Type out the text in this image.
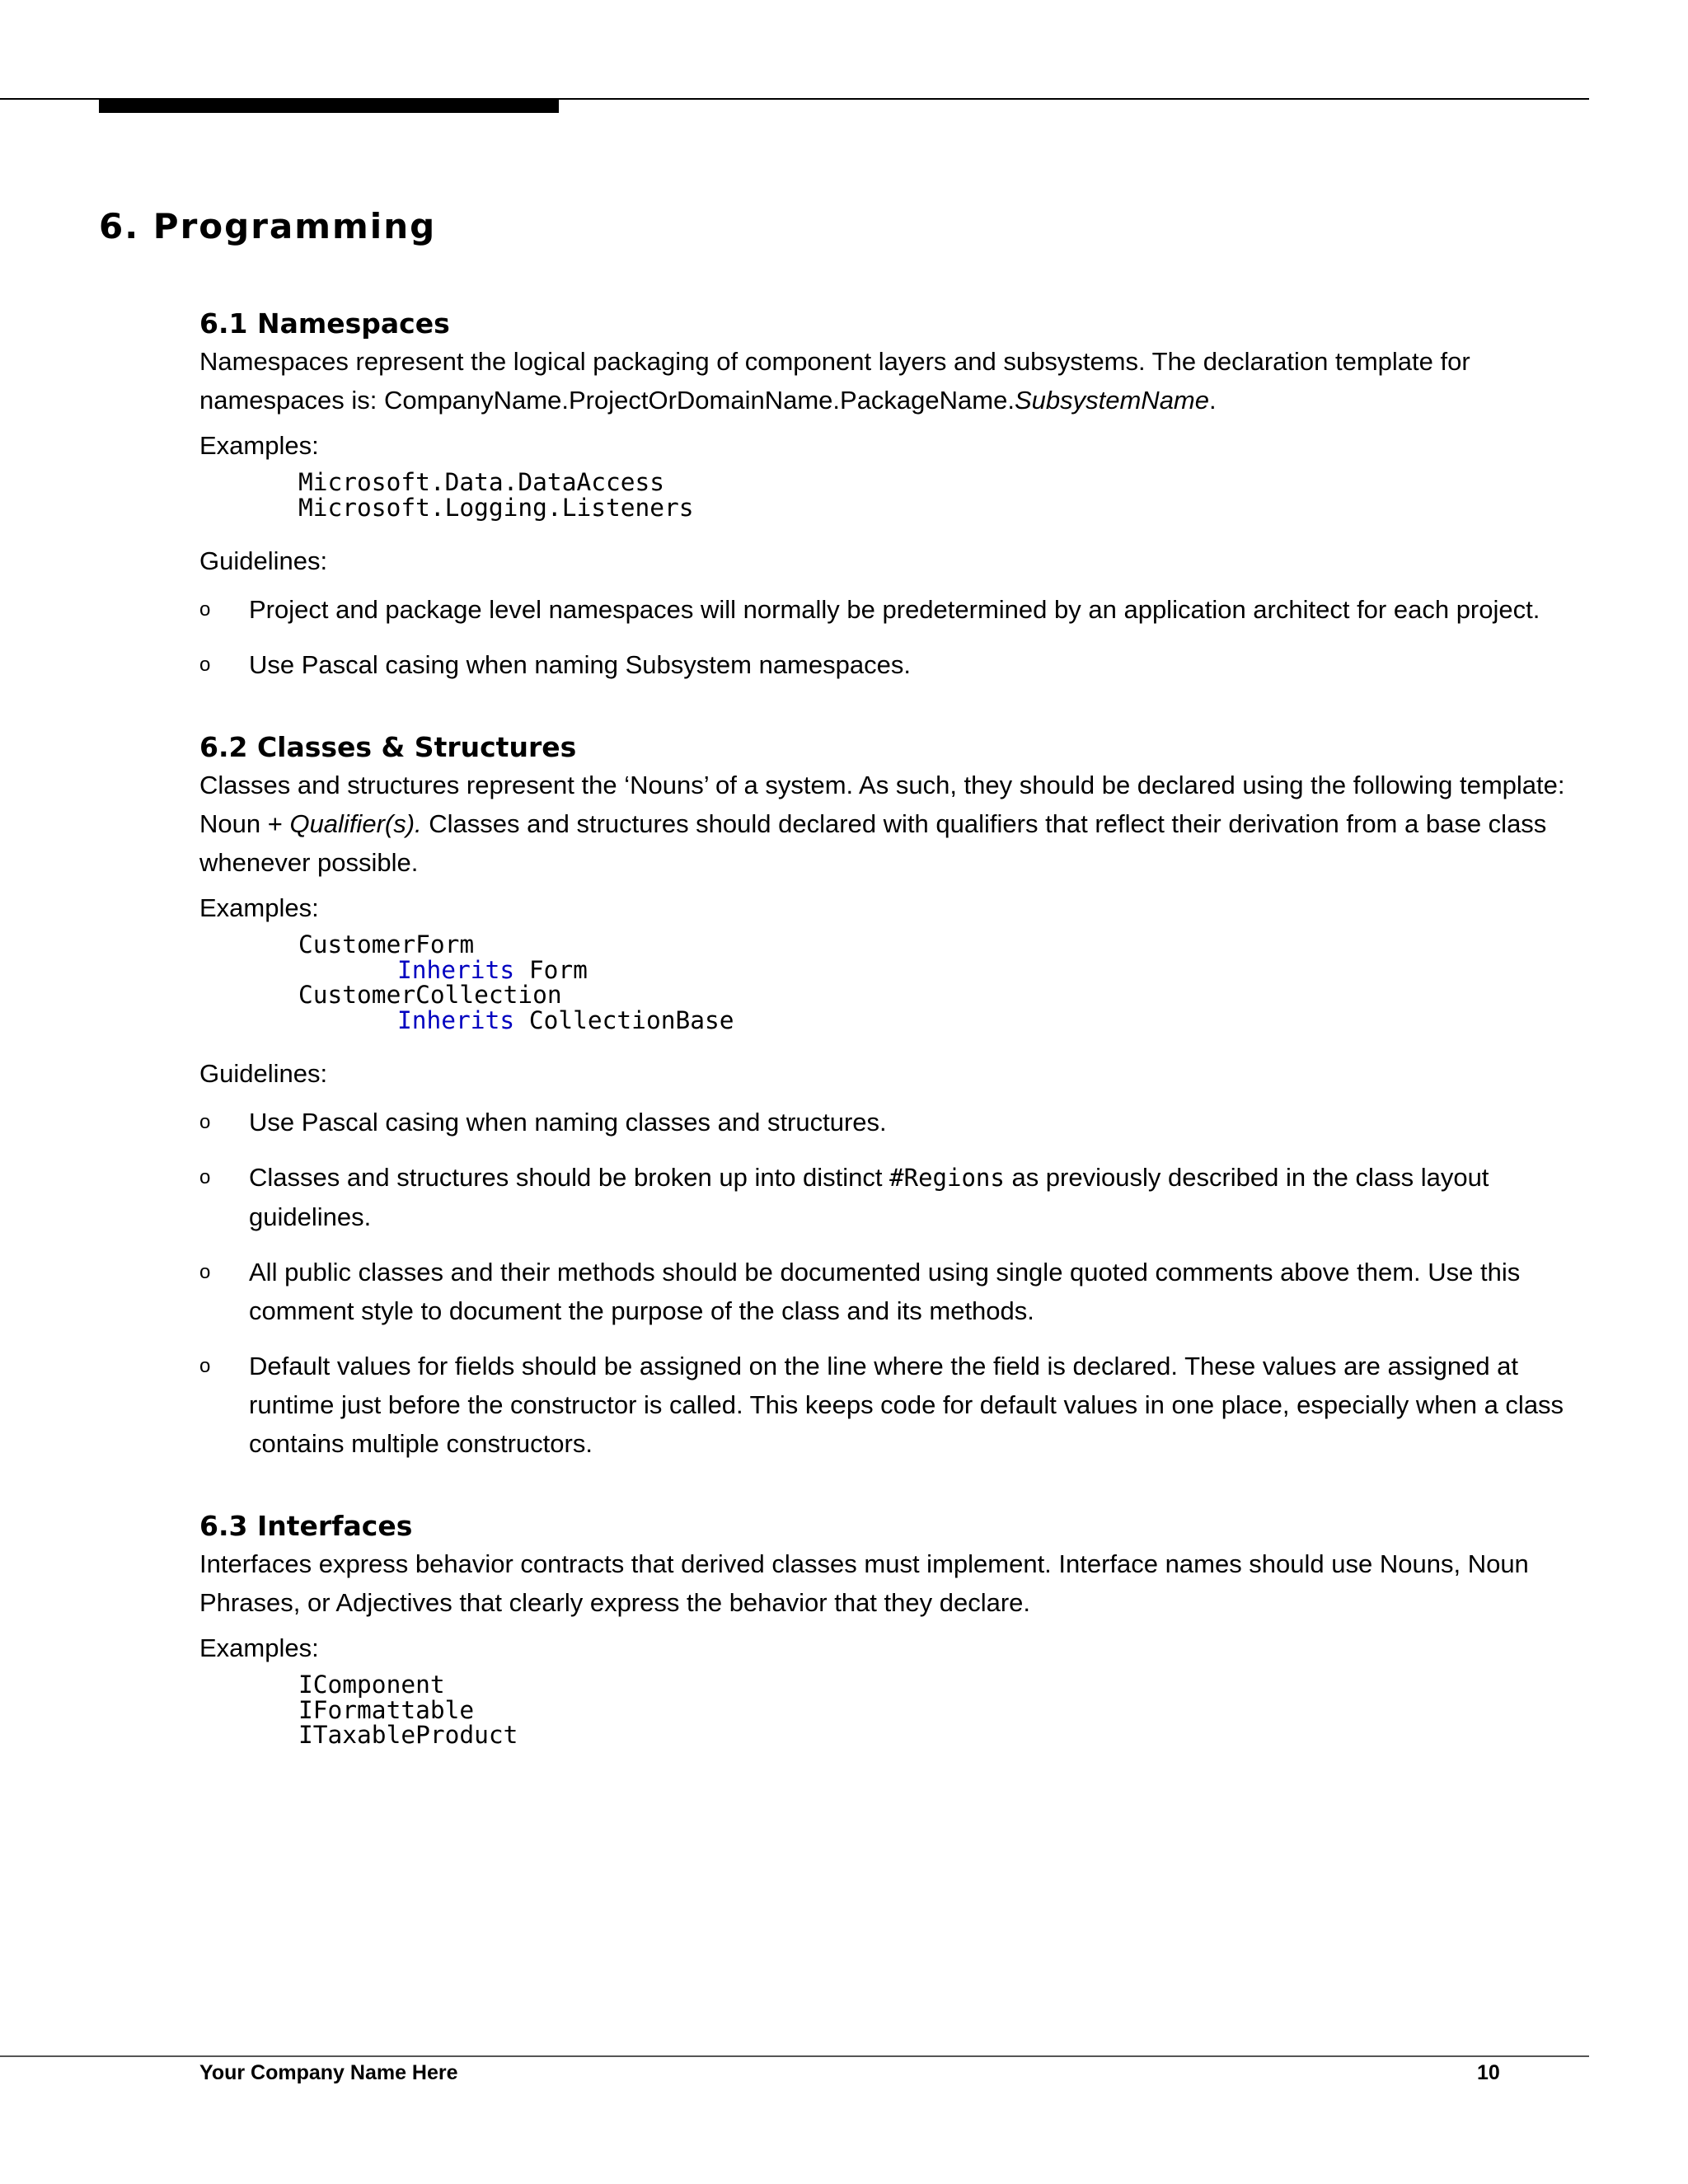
6. Programming
6.1 Namespaces

Namespaces represent the logical packaging of component layers and subsystems. The declaration template for namespaces is: CompanyName.ProjectOrDomainName.PackageName.SubsystemName.

Examples:

Microsoft.Data.DataAccess
Microsoft.Logging.Listeners

Guidelines:

o Project and package level namespaces will normally be predetermined by an application architect for each project.
o Use Pascal casing when naming Subsystem namespaces.
6.2 Classes & Structures

Classes and structures represent the ‘Nouns’ of a system. As such, they should be declared using the following template: Noun + Qualifier(s). Classes and structures should declared with qualifiers that reflect their derivation from a base class whenever possible.

Examples:

CustomerForm
Inherits Form
CustomerCollection
Inherits CollectionBase

Guidelines:

o Use Pascal casing when naming classes and structures.
o Classes and structures should be broken up into distinct #Regions as previously described in the class layout guidelines.
o All public classes and their methods should be documented using single quoted comments above them. Use this comment style to document the purpose of the class and its methods.
o Default values for fields should be assigned on the line where the field is declared. These values are assigned at runtime just before the constructor is called. This keeps code for default values in one place, especially when a class contains multiple constructors.
6.3 Interfaces

Interfaces express behavior contracts that derived classes must implement. Interface names should use Nouns, Noun Phrases, or Adjectives that clearly express the behavior that they declare.

Examples:

IComponent
IFormattable
ITaxableProduct
Your Company Name Here	10
